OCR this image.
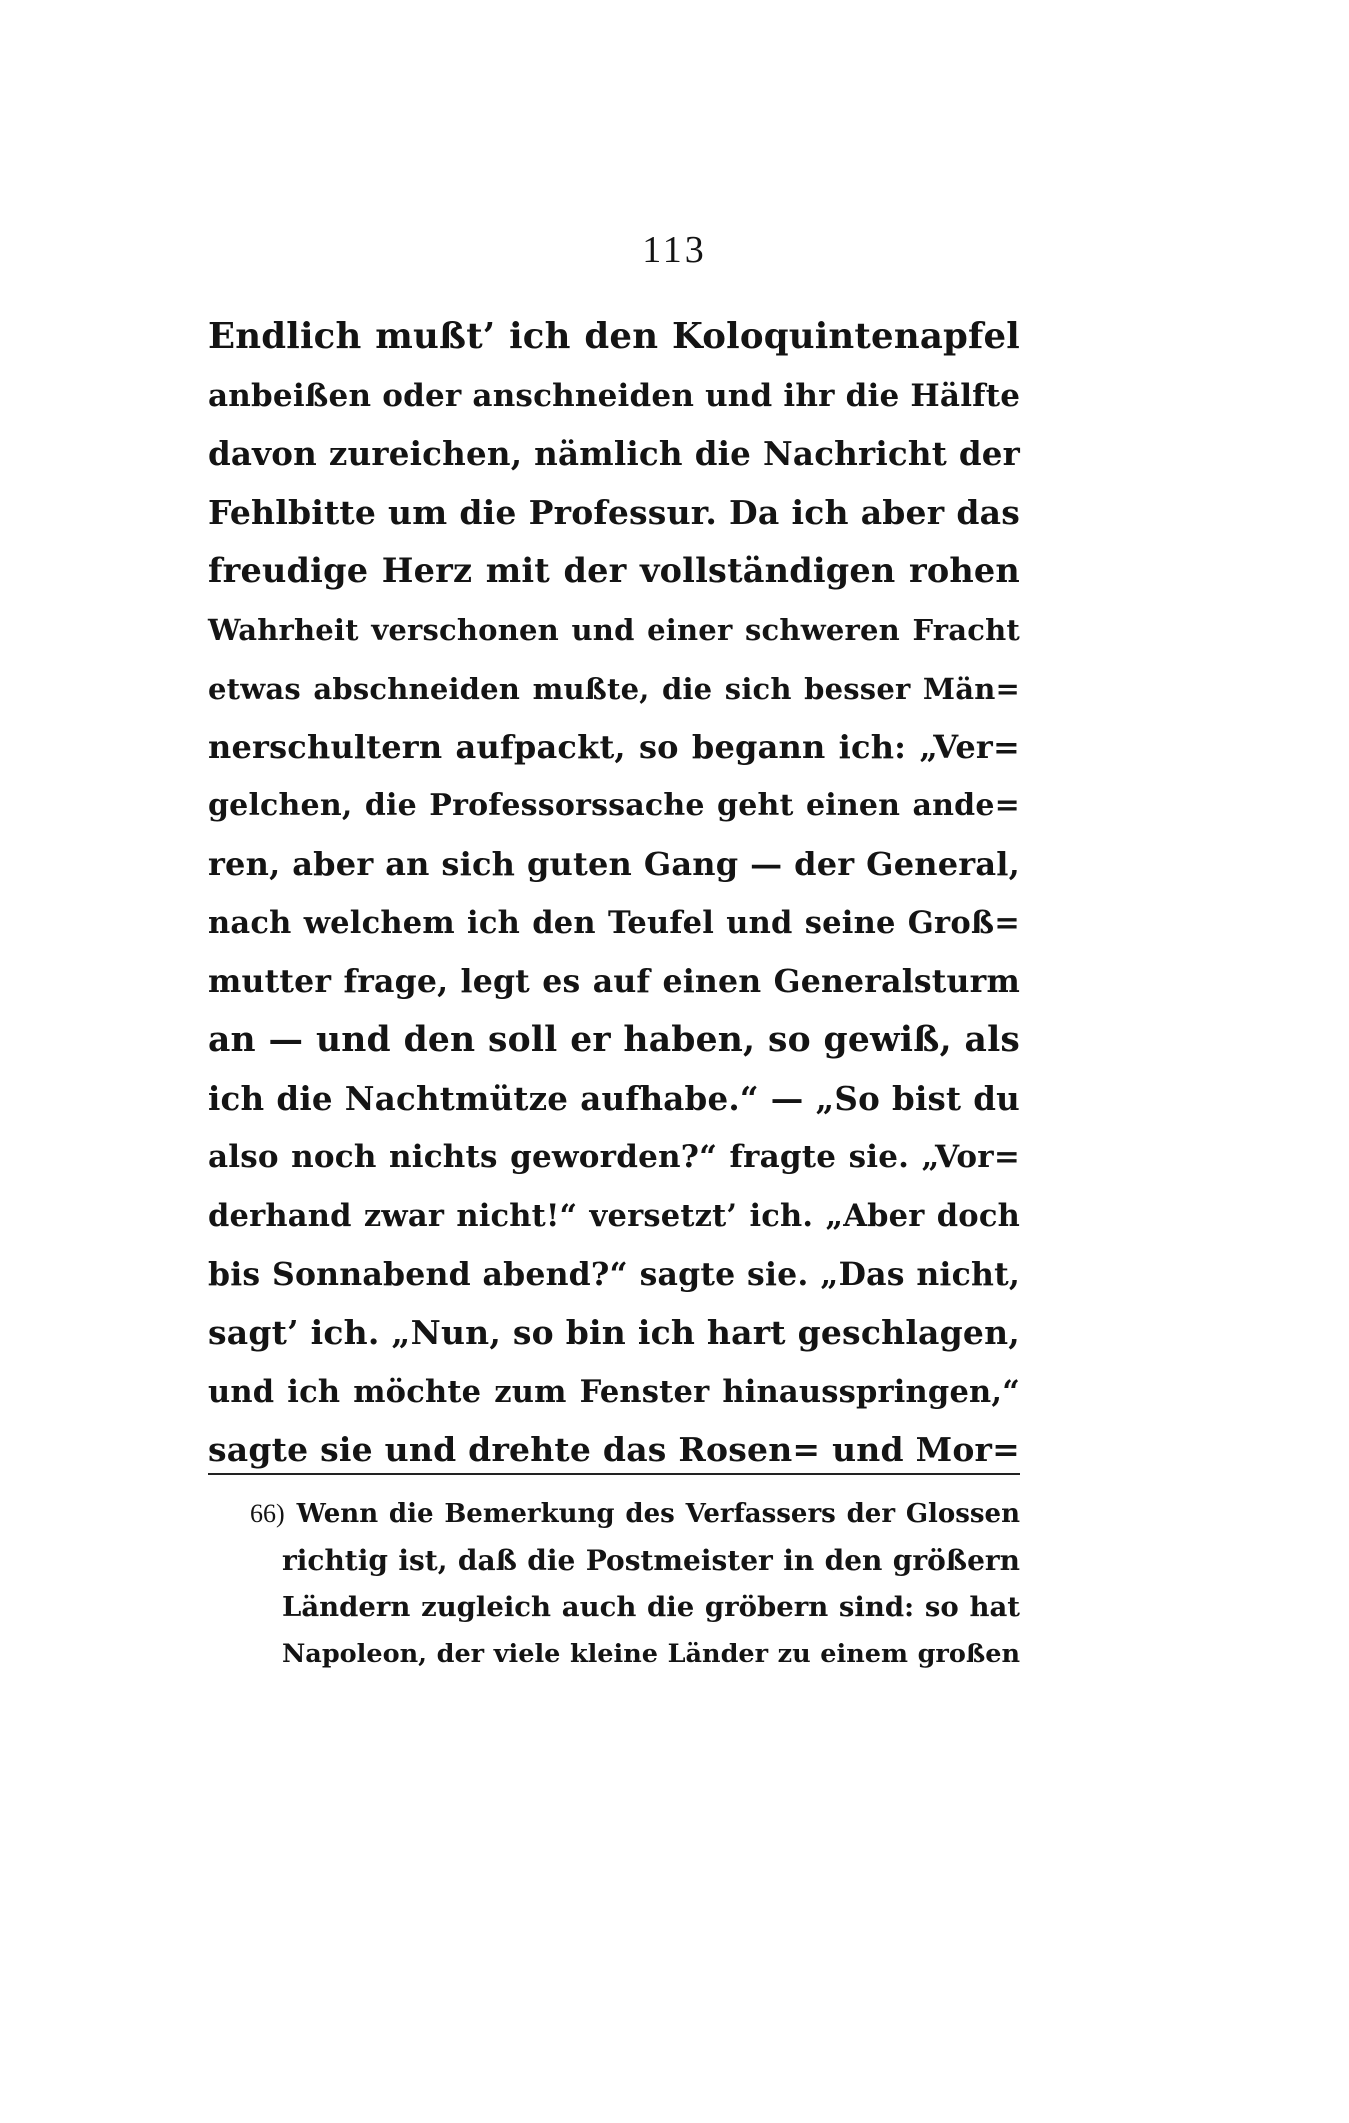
113
Endlich mußt’ ich den Koloquintenapfel
anbeißen oder anschneiden und ihr die Hälfte
davon zureichen, nämlich die Nachricht der
Fehlbitte um die Professur. Da ich aber das
freudige Herz mit der vollständigen rohen
Wahrheit verschonen und einer schweren Fracht
etwas abschneiden mußte, die sich besser Män=
nerschultern aufpackt, so begann ich: „Ver=
gelchen, die Professorssache geht einen ande=
ren, aber an sich guten Gang — der General,
nach welchem ich den Teufel und seine Groß=
mutter frage, legt es auf einen Generalsturm
an — und den soll er haben, so gewiß, als
ich die Nachtmütze aufhabe.“ — „So bist du
also noch nichts geworden?“ fragte sie. „Vor=
derhand zwar nicht!“ versetzt’ ich. „Aber doch
bis Sonnabend abend?“ sagte sie. „Das nicht,
sagt’ ich. „Nun, so bin ich hart geschlagen,
und ich möchte zum Fenster hinausspringen,“
sagte sie und drehte das Rosen= und Mor=
66) Wenn die Bemerkung des Verfassers der Glossen
richtig ist, daß die Postmeister in den größern
Ländern zugleich auch die gröbern sind: so hat
Napoleon, der viele kleine Länder zu einem großen
